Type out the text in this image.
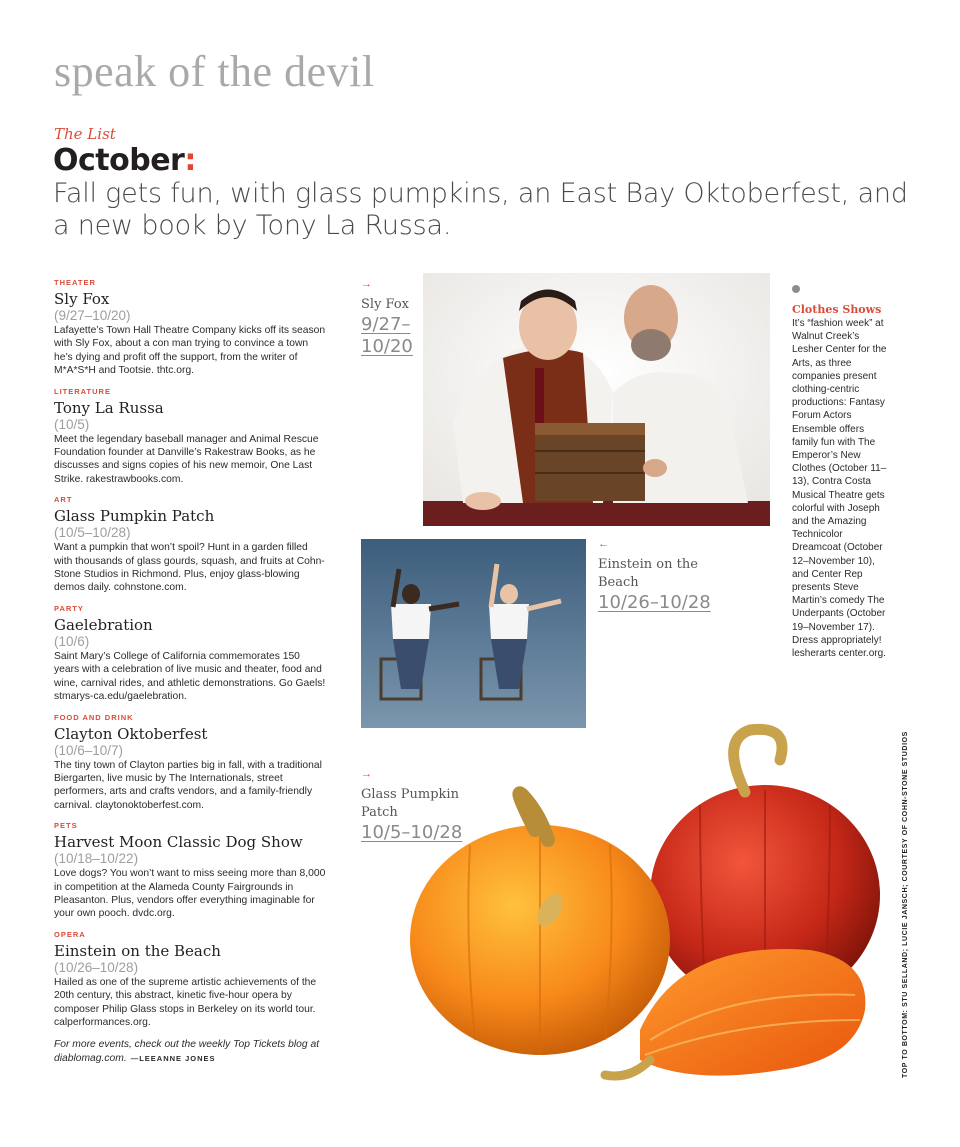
speak of the devil
The List
October:
Fall gets fun, with glass pumpkins, an East Bay Oktoberfest, and a new book by Tony La Russa.
THEATER
Sly Fox
(9/27–10/20)
Lafayette’s Town Hall Theatre Company kicks off its season with Sly Fox, about a con man trying to convince a town he’s dying and profit off the support, from the writer of M*A*S*H and Tootsie. thtc.org.
LITERATURE
Tony La Russa
(10/5)
Meet the legendary baseball manager and Animal Rescue Foundation founder at Danville’s Rakestraw Books, as he discusses and signs copies of his new memoir, One Last Strike. rakestrawbooks.com.
ART
Glass Pumpkin Patch
(10/5–10/28)
Want a pumpkin that won’t spoil? Hunt in a garden filled with thousands of glass gourds, squash, and fruits at Cohn-Stone Studios in Richmond. Plus, enjoy glass-blowing demos daily. cohnstone.com.
PARTY
Gaelebration
(10/6)
Saint Mary’s College of California commemorates 150 years with a celebration of live music and theater, food and wine, carnival rides, and athletic demonstrations. Go Gaels! stmarys-ca.edu/gaelebration.
FOOD AND DRINK
Clayton Oktoberfest
(10/6–10/7)
The tiny town of Clayton parties big in fall, with a traditional Biergarten, live music by The Internationals, street performers, arts and crafts vendors, and a family-friendly carnival. claytonoktoberfest.com.
PETS
Harvest Moon Classic Dog Show
(10/18–10/22)
Love dogs? You won’t want to miss seeing more than 8,000 in competition at the Alameda County Fairgrounds in Pleasanton. Plus, vendors offer everything imaginable for your own pooch. dvdc.org.
OPERA
Einstein on the Beach
(10/26–10/28)
Hailed as one of the supreme artistic achievements of the 20th century, this abstract, kinetic five-hour opera by composer Philip Glass stops in Berkeley on its world tour. calperformances.org.
For more events, check out the weekly Top Tickets blog at diablomag.com. —LEEANNE JONES
→
Sly Fox
9/27–10/20
←
Einstein on the Beach
10/26–10/28
→
Glass Pumpkin Patch
10/5–10/28
Clothes Shows
It’s “fashion week” at Walnut Creek’s Lesher Center for the Arts, as three companies present clothing-centric productions: Fantasy Forum Actors Ensemble offers family fun with The Emperor’s New Clothes (October 11–13), Contra Costa Musical Theatre gets colorful with Joseph and the Amazing Technicolor Dreamcoat (October 12–November 10), and Center Rep presents Steve Martin’s comedy The Underpants (October 19–November 17). Dress appropriately! lesherarts center.org.
TOP TO BOTTOM: STU SELLAND; LUCIE JANSCH; COURTESY OF COHN-STONE STUDIOS
